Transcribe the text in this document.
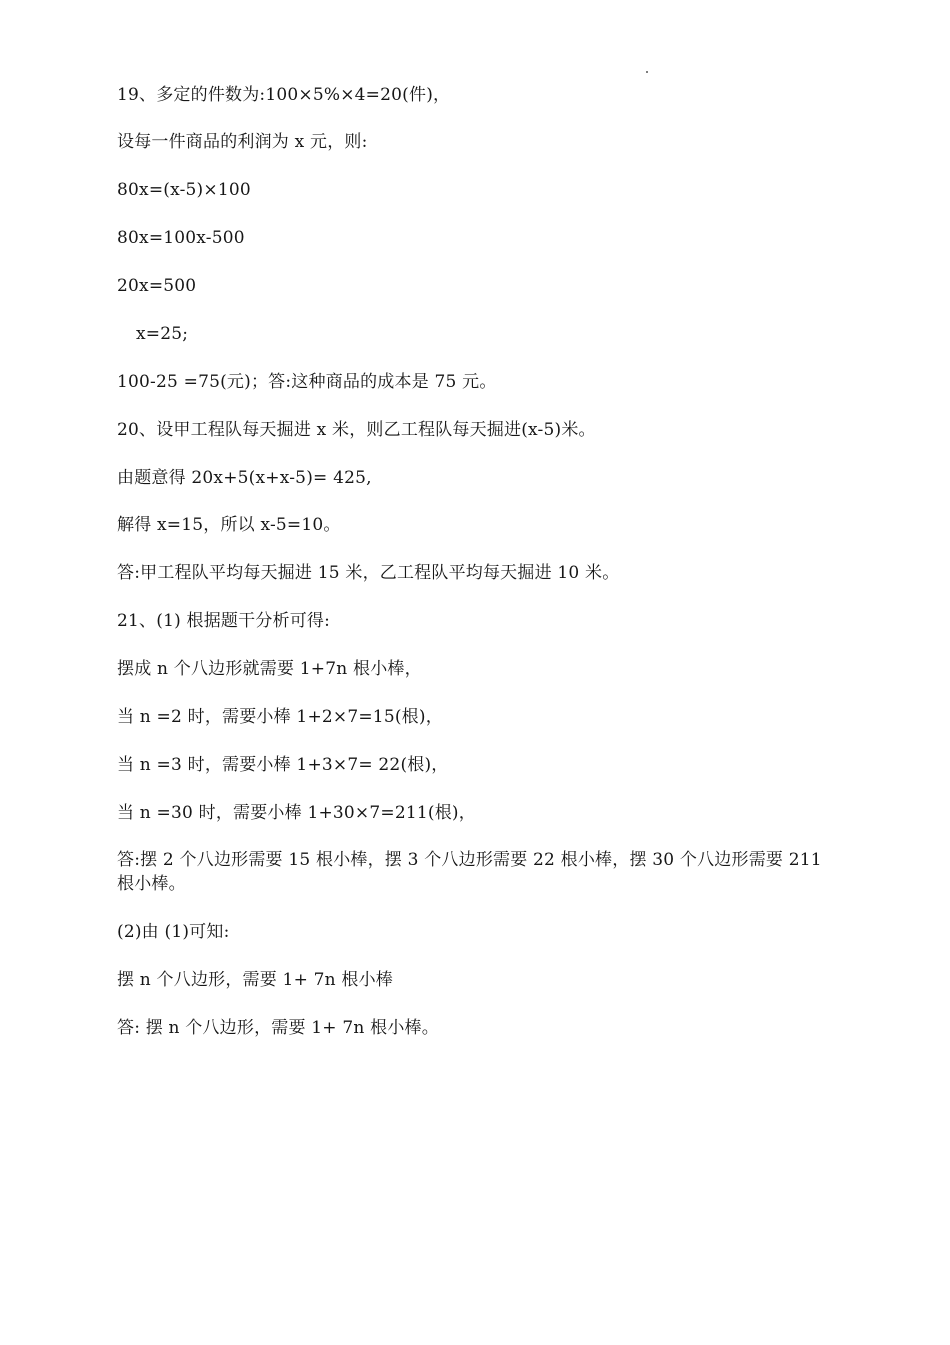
19、多定的件数为:100×5%×4=20(件)，
设每一件商品的利润为 x 元，则:
80x=(x-5)×100
80x=100x-500
20x=500
x=25;
100-25 =75(元)；答:这种商品的成本是 75 元。
20、设甲工程队每天掘进 x 米，则乙工程队每天掘进(x-5)米。
由题意得 20x+5(x+x-5)= 425,
解得 x=15，所以 x-5=10。
答:甲工程队平均每天掘进 15 米，乙工程队平均每天掘进 10 米。
21、(1) 根据题干分析可得:
摆成 n 个八边形就需要 1+7n 根小棒，
当 n =2 时，需要小棒 1+2×7=15(根)，
当 n =3 时，需要小棒 1+3×7= 22(根)，
当 n =30 时，需要小棒 1+30×7=211(根)，
答:摆 2 个八边形需要 15 根小棒，摆 3 个八边形需要 22 根小棒，摆 30 个八边形需要 211 根小棒。
(2)由 (1)可知:
摆 n 个八边形，需要 1+ 7n 根小棒
答: 摆 n 个八边形，需要 1+ 7n 根小棒。
